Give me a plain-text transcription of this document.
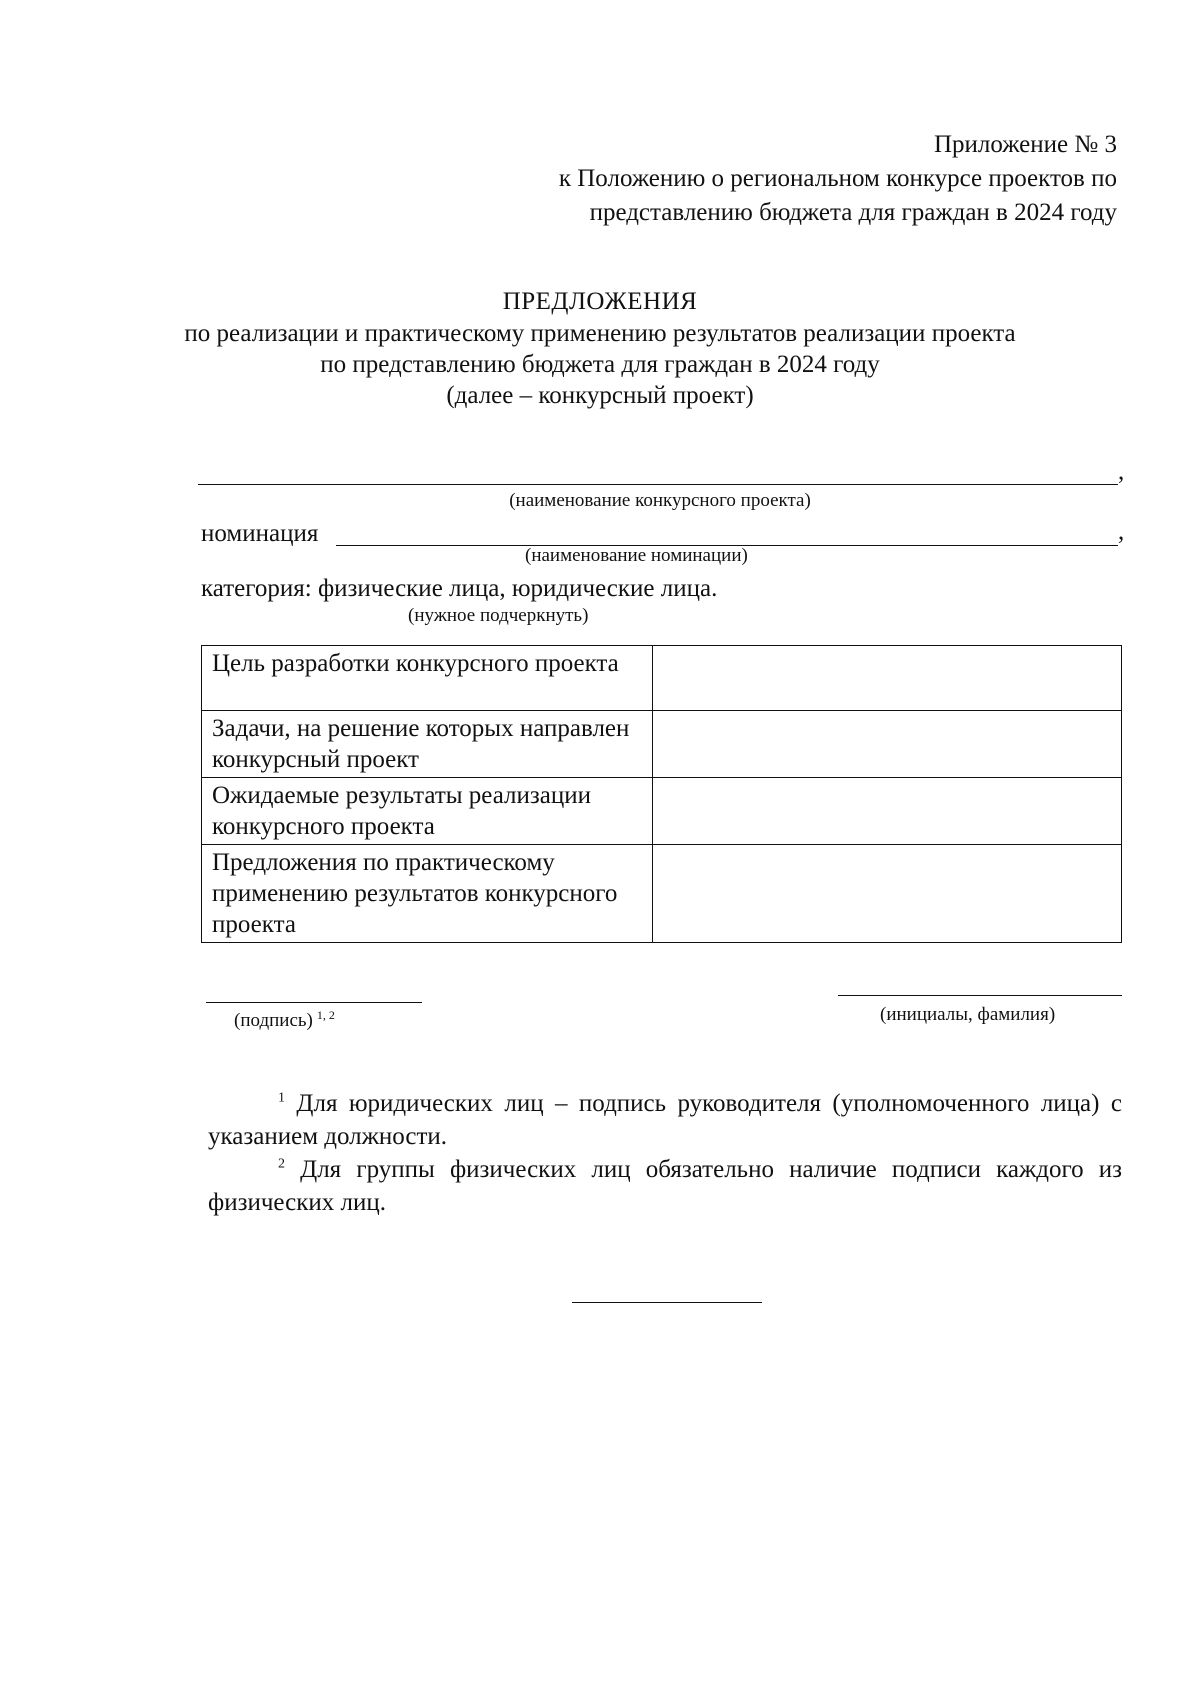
Приложение № 3
к Положению о региональном конкурсе проектов по
представлению бюджета для граждан в 2024 году
ПРЕДЛОЖЕНИЯ
по реализации и практическому применению результатов реализации проекта
по представлению бюджета для граждан в 2024 году
(далее – конкурсный проект)
,
(наименование конкурсного проекта)
номинация	,
(наименование номинации)
категория: физические лица, юридические лица.
(нужное подчеркнуть)
Цель разработки конкурсного проекта	
Задачи, на решение которых направлен конкурсный проект	
Ожидаемые результаты реализации конкурсного проекта	
Предложения по практическому применению результатов конкурсного проекта	
(подпись) $^{1, 2}$	(инициалы, фамилия)

$^1$ Для юридических лиц – подпись руководителя (уполномоченного лица) с указанием должности.

$^2$ Для группы физических лиц обязательно наличие подписи каждого из физических лиц.
